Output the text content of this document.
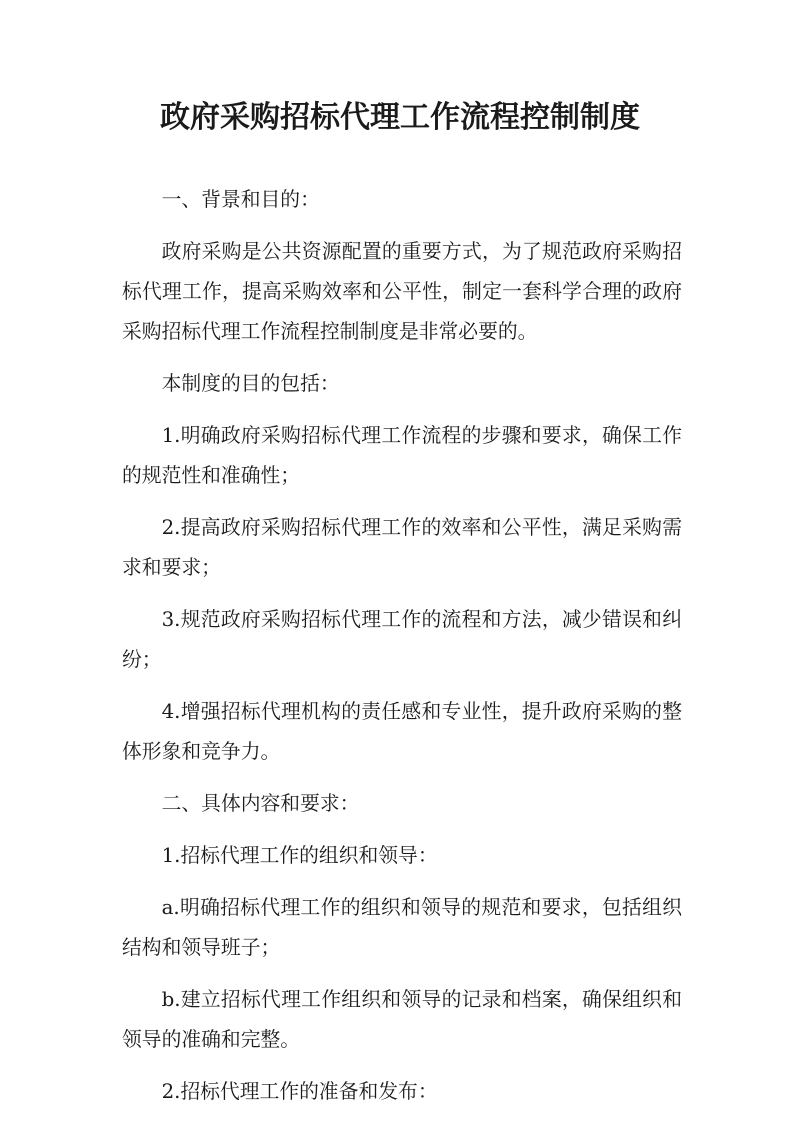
政府采购招标代理工作流程控制制度

一、背景和目的：

政府采购是公共资源配置的重要方式，为了规范政府采购招标代理工作，提高采购效率和公平性，制定一套科学合理的政府采购招标代理工作流程控制制度是非常必要的。

本制度的目的包括：

1.明确政府采购招标代理工作流程的步骤和要求，确保工作的规范性和准确性；

2.提高政府采购招标代理工作的效率和公平性，满足采购需求和要求；

3.规范政府采购招标代理工作的流程和方法，减少错误和纠纷；

4.增强招标代理机构的责任感和专业性，提升政府采购的整体形象和竞争力。

二、具体内容和要求：

1.招标代理工作的组织和领导：

a.明确招标代理工作的组织和领导的规范和要求，包括组织结构和领导班子；

b.建立招标代理工作组织和领导的记录和档案，确保组织和领导的准确和完整。

2.招标代理工作的准备和发布：
